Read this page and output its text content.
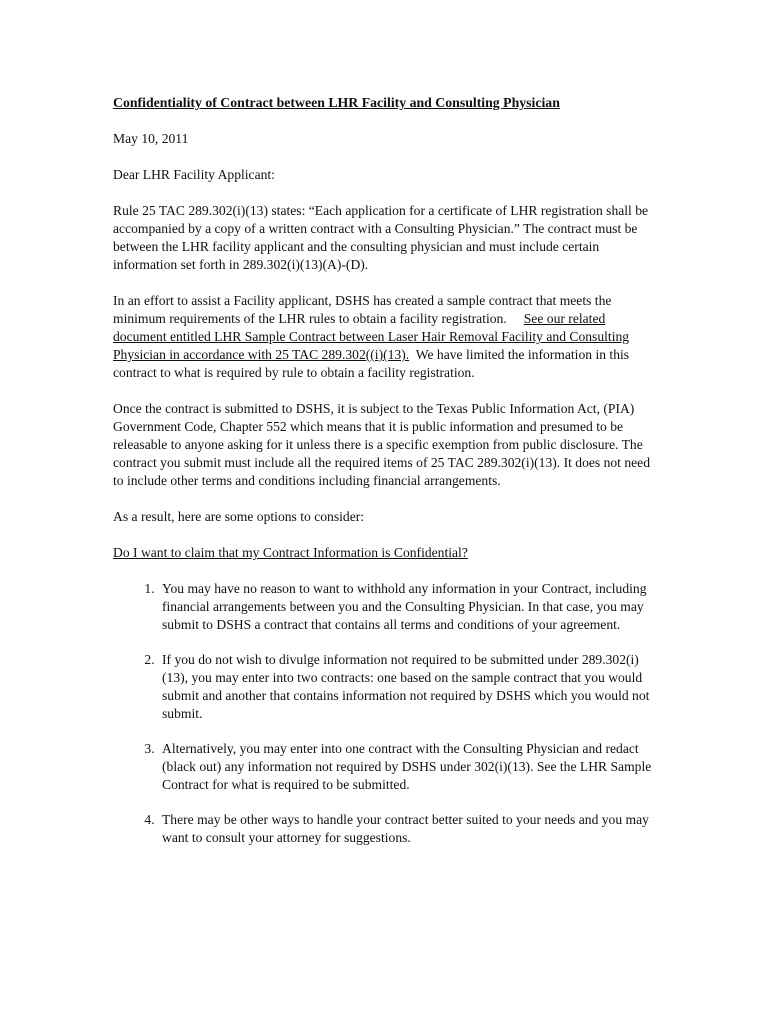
Confidentiality of Contract between LHR Facility and Consulting Physician
May 10, 2011
Dear LHR Facility Applicant:
Rule 25 TAC 289.302(i)(13) states: “Each application for a certificate of LHR registration shall be accompanied by a copy of a written contract with a Consulting Physician.” The contract must be between the LHR facility applicant and the consulting physician and must include certain information set forth in 289.302(i)(13)(A)-(D).
In an effort to assist a Facility applicant, DSHS has created a sample contract that meets the minimum requirements of the LHR rules to obtain a facility registration. See our related document entitled LHR Sample Contract between Laser Hair Removal Facility and Consulting Physician in accordance with 25 TAC 289.302((i)(13). We have limited the information in this contract to what is required by rule to obtain a facility registration.
Once the contract is submitted to DSHS, it is subject to the Texas Public Information Act, (PIA) Government Code, Chapter 552 which means that it is public information and presumed to be releasable to anyone asking for it unless there is a specific exemption from public disclosure. The contract you submit must include all the required items of 25 TAC 289.302(i)(13). It does not need to include other terms and conditions including financial arrangements.
As a result, here are some options to consider:
Do I want to claim that my Contract Information is Confidential?
1. You may have no reason to want to withhold any information in your Contract, including financial arrangements between you and the Consulting Physician. In that case, you may submit to DSHS a contract that contains all terms and conditions of your agreement.
2. If you do not wish to divulge information not required to be submitted under 289.302(i)(13), you may enter into two contracts: one based on the sample contract that you would submit and another that contains information not required by DSHS which you would not submit.
3. Alternatively, you may enter into one contract with the Consulting Physician and redact (black out) any information not required by DSHS under 302(i)(13). See the LHR Sample Contract for what is required to be submitted.
4. There may be other ways to handle your contract better suited to your needs and you may want to consult your attorney for suggestions.
